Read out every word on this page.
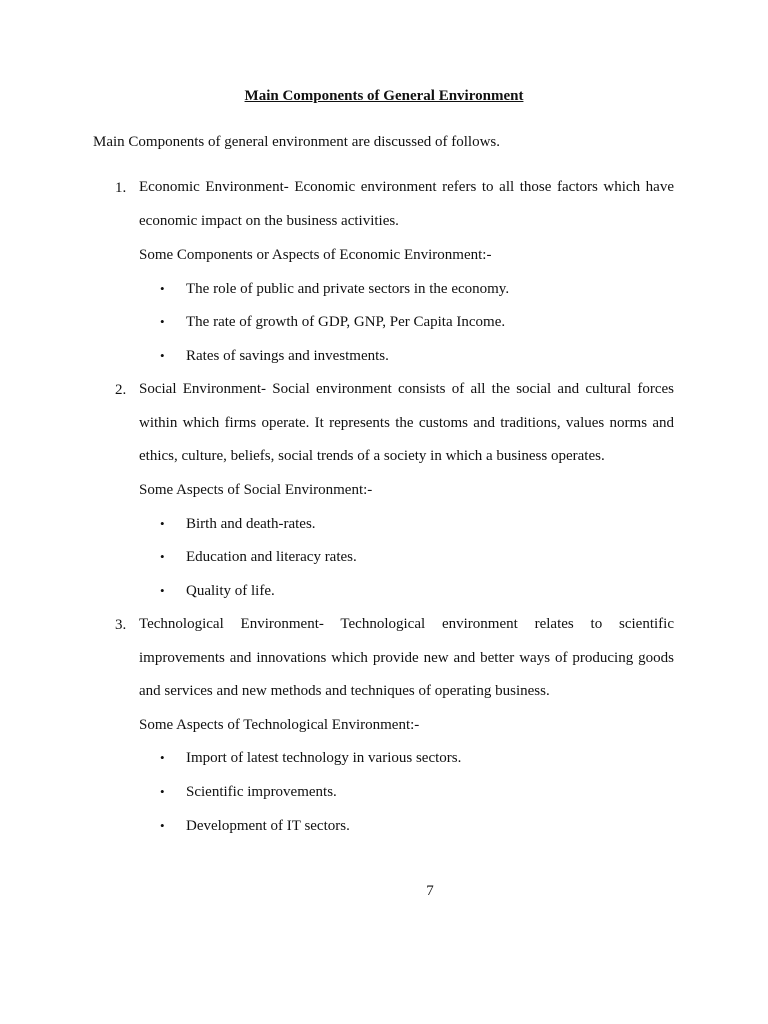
Main Components of General Environment
Main Components of general environment are discussed of follows.
1. Economic Environment- Economic environment refers to all those factors which have economic impact on the business activities.
Some Components or Aspects of Economic Environment:-
• The role of public and private sectors in the economy.
• The rate of growth of GDP, GNP, Per Capita Income.
• Rates of savings and investments.
2. Social Environment- Social environment consists of all the social and cultural forces within which firms operate. It represents the customs and traditions, values norms and ethics, culture, beliefs, social trends of a society in which a business operates.
Some Aspects of Social Environment:-
• Birth and death-rates.
• Education and literacy rates.
• Quality of life.
3. Technological Environment- Technological environment relates to scientific improvements and innovations which provide new and better ways of producing goods and services and new methods and techniques of operating business.
Some Aspects of Technological Environment:-
• Import of latest technology in various sectors.
• Scientific improvements.
• Development of IT sectors.
7
